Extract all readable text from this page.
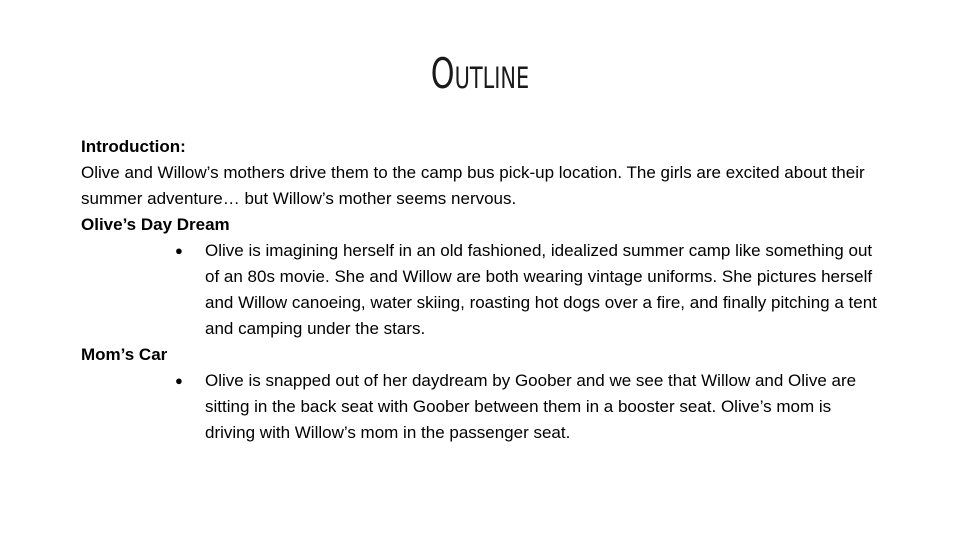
Outline

Introduction:

Olive and Willow’s mothers drive them to the camp bus pick-up location. The girls are excited about their summer adventure… but Willow’s mother seems nervous.

Olive’s Day Dream

● Olive is imagining herself in an old fashioned, idealized summer camp like something out of an 80s movie. She and Willow are both wearing vintage uniforms. She pictures herself and Willow canoeing, water skiing, roasting hot dogs over a fire, and finally pitching a tent and camping under the stars.

Mom’s Car

● Olive is snapped out of her daydream by Goober and we see that Willow and Olive are sitting in the back seat with Goober between them in a booster seat. Olive’s mom is driving with Willow’s mom in the passenger seat.
